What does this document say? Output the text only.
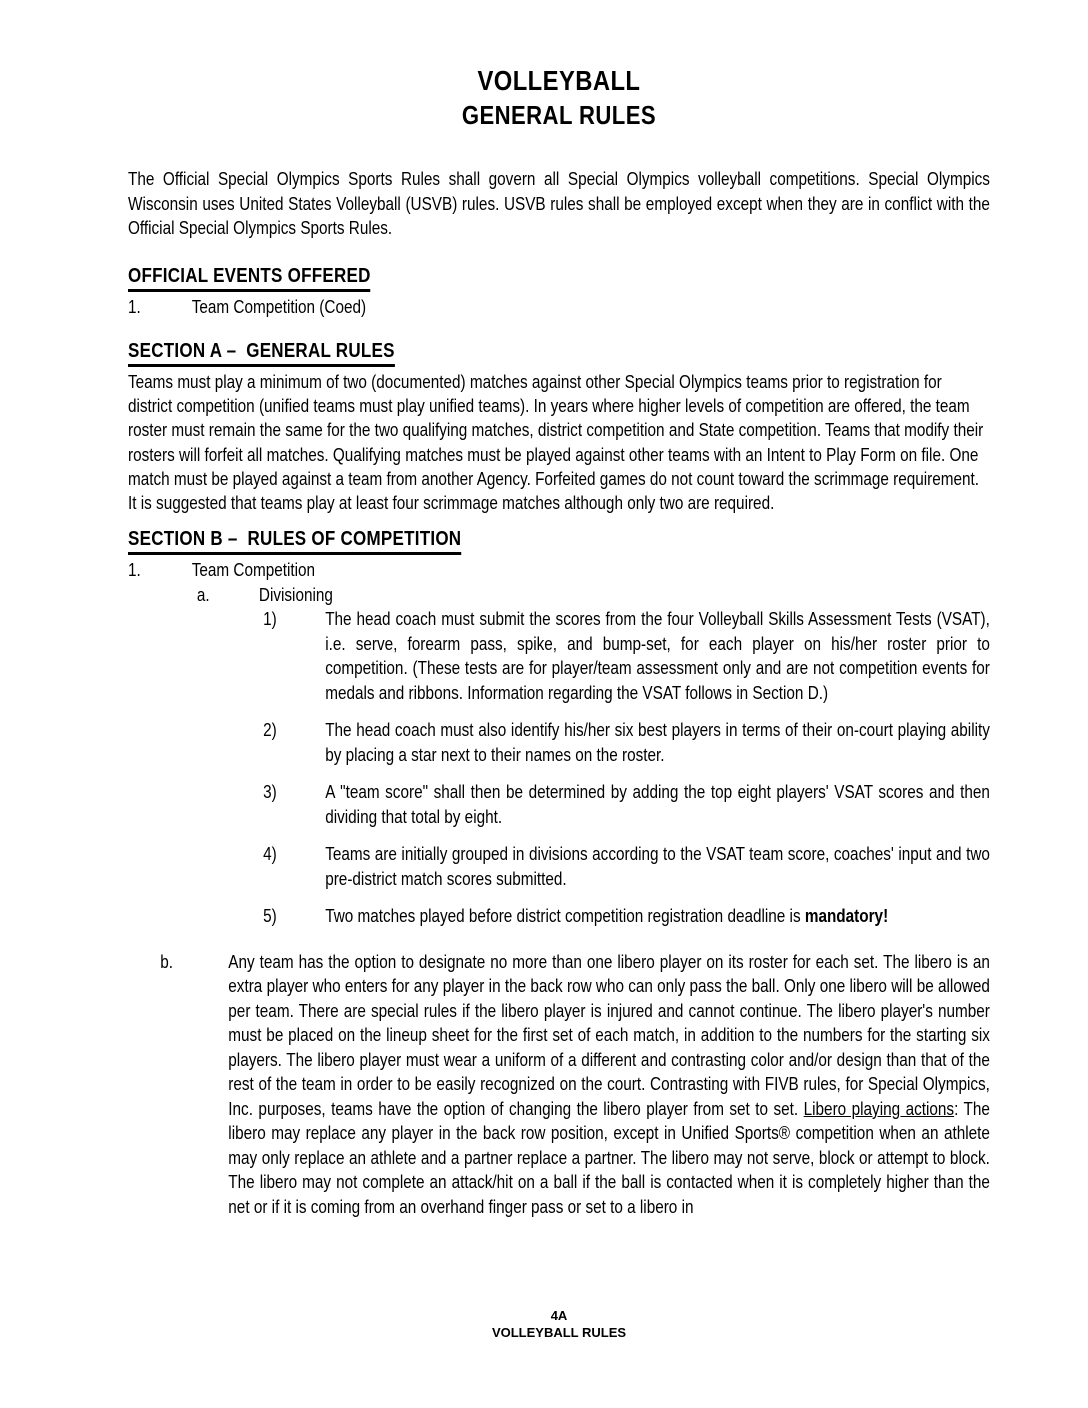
VOLLEYBALL
GENERAL RULES

The Official Special Olympics Sports Rules shall govern all Special Olympics volleyball competitions. Special Olympics Wisconsin uses United States Volleyball (USVB) rules. USVB rules shall be employed except when they are in conflict with the Official Special Olympics Sports Rules.

OFFICIAL EVENTS OFFERED
1.	Team Competition (Coed)
SECTION A –  GENERAL RULES

Teams must play a minimum of two (documented) matches against other Special Olympics teams prior to registration for district competition (unified teams must play unified teams). In years where higher levels of competition are offered, the team roster must remain the same for the two qualifying matches, district competition and State competition. Teams that modify their rosters will forfeit all matches. Qualifying matches must be played against other teams with an Intent to Play Form on file. One match must be played against a team from another Agency. Forfeited games do not count toward the scrimmage requirement. It is suggested that teams play at least four scrimmage matches although only two are required.

SECTION B –  RULES OF COMPETITION
1.	Team Competition
a.	Divisioning
1)	The head coach must submit the scores from the four Volleyball Skills Assessment Tests (VSAT), i.e. serve, forearm pass, spike, and bump-set, for each player on his/her roster prior to competition. (These tests are for player/team assessment only and are not competition events for medals and ribbons. Information regarding the VSAT follows in Section D.)
2)	The head coach must also identify his/her six best players in terms of their on-court playing ability by placing a star next to their names on the roster.
3)	A "team score" shall then be determined by adding the top eight players' VSAT scores and then dividing that total by eight.
4)	Teams are initially grouped in divisions according to the VSAT team score, coaches' input and two pre-district match scores submitted.
5)	Two matches played before district competition registration deadline is mandatory!
b.	Any team has the option to designate no more than one libero player on its roster for each set. The libero is an extra player who enters for any player in the back row who can only pass the ball. Only one libero will be allowed per team. There are special rules if the libero player is injured and cannot continue. The libero player's number must be placed on the lineup sheet for the first set of each match, in addition to the numbers for the starting six players. The libero player must wear a uniform of a different and contrasting color and/or design than that of the rest of the team in order to be easily recognized on the court. Contrasting with FIVB rules, for Special Olympics, Inc. purposes, teams have the option of changing the libero player from set to set. Libero playing actions: The libero may replace any player in the back row position, except in Unified Sports® competition when an athlete may only replace an athlete and a partner replace a partner. The libero may not serve, block or attempt to block. The libero may not complete an attack/hit on a ball if the ball is contacted when it is completely higher than the net or if it is coming from an overhand finger pass or set to a libero in
4A
VOLLEYBALL RULES
